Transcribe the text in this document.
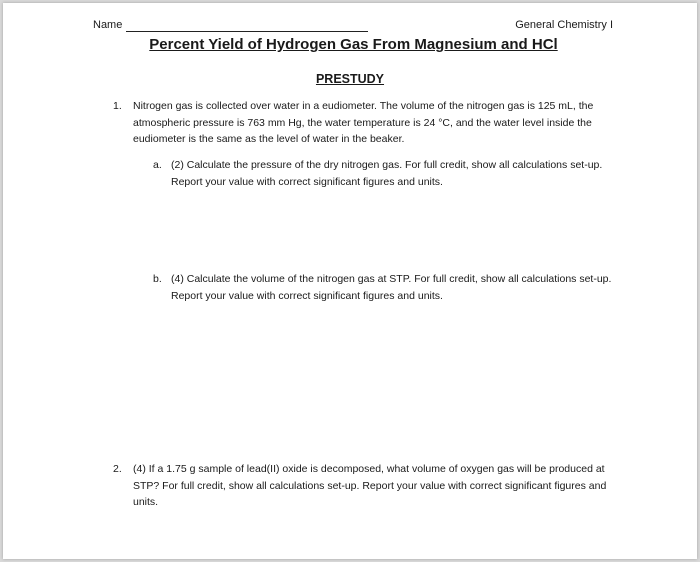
Name	General Chemistry I
Percent Yield of Hydrogen Gas From Magnesium and HCl
PRESTUDY
1. Nitrogen gas is collected over water in a eudiometer. The volume of the nitrogen gas is 125 mL, the atmospheric pressure is 763 mm Hg, the water temperature is 24 °C, and the water level inside the eudiometer is the same as the level of water in the beaker.
a. (2) Calculate the pressure of the dry nitrogen gas. For full credit, show all calculations set-up. Report your value with correct significant figures and units.
b. (4) Calculate the volume of the nitrogen gas at STP. For full credit, show all calculations set-up. Report your value with correct significant figures and units.
2. (4) If a 1.75 g sample of lead(II) oxide is decomposed, what volume of oxygen gas will be produced at STP? For full credit, show all calculations set-up. Report your value with correct significant figures and units.
